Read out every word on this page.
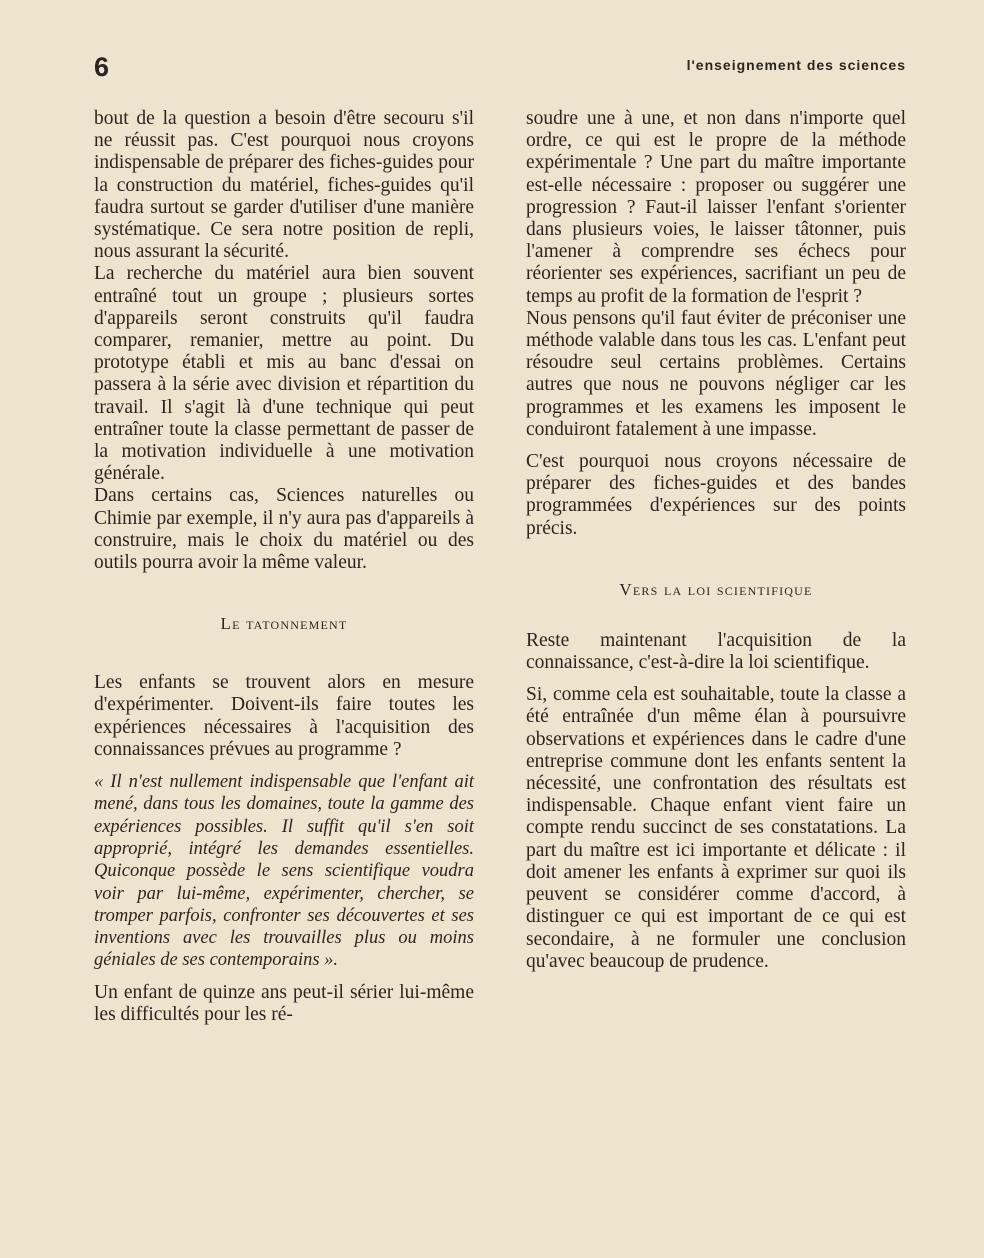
6	l'enseignement des sciences

bout de la question a besoin d'être secouru s'il ne réussit pas. C'est pourquoi nous croyons indispensable de préparer des fiches-guides pour la construction du matériel, fiches-guides qu'il faudra surtout se garder d'utiliser d'une manière systématique. Ce sera notre position de repli, nous assurant la sécurité.

La recherche du matériel aura bien souvent entraîné tout un groupe ; plusieurs sortes d'appareils seront construits qu'il faudra comparer, remanier, mettre au point. Du prototype établi et mis au banc d'essai on passera à la série avec division et répartition du travail. Il s'agit là d'une technique qui peut entraîner toute la classe permettant de passer de la motivation individuelle à une motivation générale.

Dans certains cas, Sciences naturelles ou Chimie par exemple, il n'y aura pas d'appareils à construire, mais le choix du matériel ou des outils pourra avoir la même valeur.

Le tatonnement

Les enfants se trouvent alors en mesure d'expérimenter. Doivent-ils faire toutes les expériences nécessaires à l'acquisition des connaissances prévues au programme ?

« Il n'est nullement indispensable que l'enfant ait mené, dans tous les domaines, toute la gamme des expériences possibles. Il suffit qu'il s'en soit approprié, intégré les demandes essentielles. Quiconque possède le sens scientifique voudra voir par lui-même, expérimenter, chercher, se tromper parfois, confronter ses découvertes et ses inventions avec les trouvailles plus ou moins géniales de ses contemporains ».

Un enfant de quinze ans peut-il sérier lui-même les difficultés pour les ré-

soudre une à une, et non dans n'importe quel ordre, ce qui est le propre de la méthode expérimentale ? Une part du maître importante est-elle nécessaire : proposer ou suggérer une progression ? Faut-il laisser l'enfant s'orienter dans plusieurs voies, le laisser tâtonner, puis l'amener à comprendre ses échecs pour réorienter ses expériences, sacrifiant un peu de temps au profit de la formation de l'esprit ?

Nous pensons qu'il faut éviter de préconiser une méthode valable dans tous les cas. L'enfant peut résoudre seul certains problèmes. Certains autres que nous ne pouvons négliger car les programmes et les examens les imposent le conduiront fatalement à une impasse.

C'est pourquoi nous croyons nécessaire de préparer des fiches-guides et des bandes programmées d'expériences sur des points précis.

Vers la loi scientifique

Reste maintenant l'acquisition de la connaissance, c'est-à-dire la loi scientifique.

Si, comme cela est souhaitable, toute la classe a été entraînée d'un même élan à poursuivre observations et expériences dans le cadre d'une entreprise commune dont les enfants sentent la nécessité, une confrontation des résultats est indispensable. Chaque enfant vient faire un compte rendu succinct de ses constatations. La part du maître est ici importante et délicate : il doit amener les enfants à exprimer sur quoi ils peuvent se considérer comme d'accord, à distinguer ce qui est important de ce qui est secondaire, à ne formuler une conclusion qu'avec beaucoup de prudence.
